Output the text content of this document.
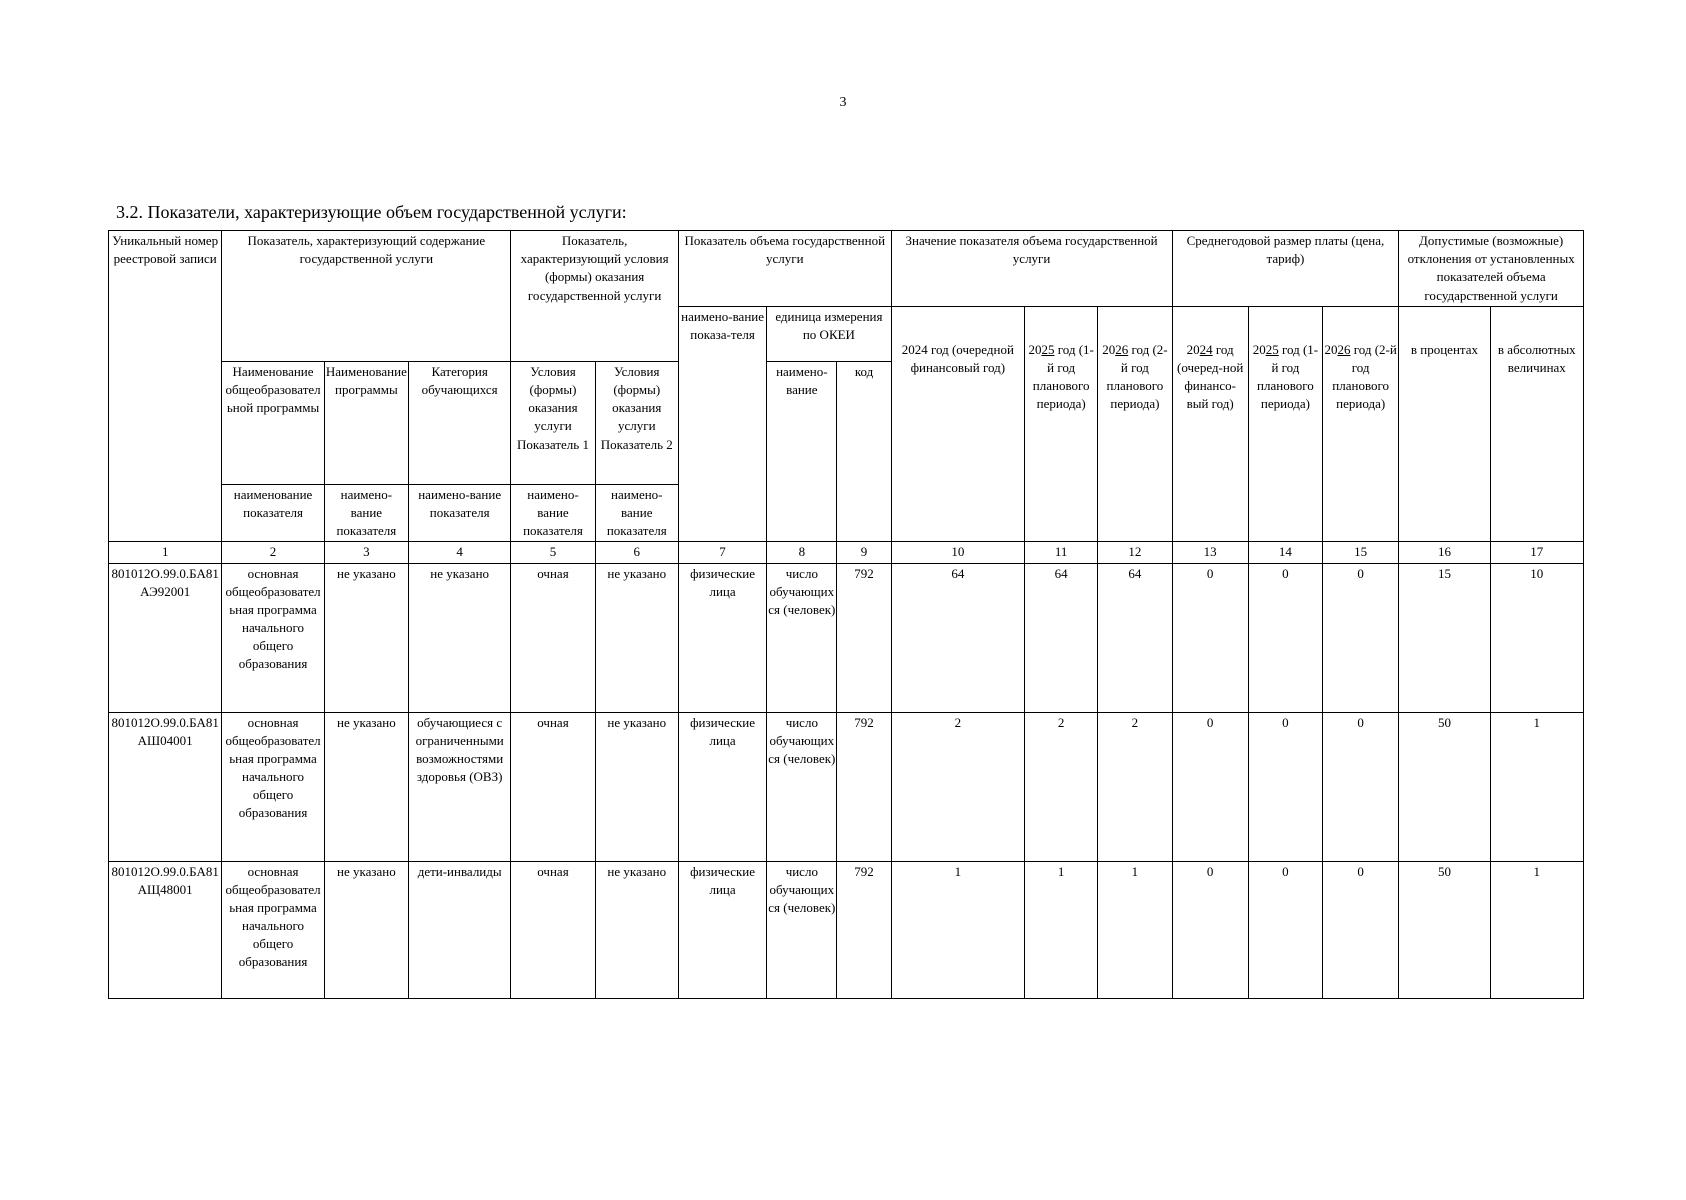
3
3.2. Показатели, характеризующие объем государственной услуги:
Уникальный номер реестровой записи	Показатель, характеризующий содержание государственной услуги			Показатель, характеризующий условия (формы) оказания государственной услуги		Показатель объема государственной услуги			Значение показателя объема государственной услуги			Среднегодовой размер платы (цена, тариф)			Допустимые (возможные) отклонения от установленных показателей объема государственной услуги	
						наимено-вание показа-теля	единица измерения по ОКЕИ		2024 год (очередной финансовый год)	2025 год (1-й год планового периода)	2026 год (2-й год планового периода)	2024 год (очеред-ной финансо-вый год)	2025 год (1-й год планового периода)	2026 год (2-й год планового периода)	в процентах	в абсолютных величинах
	Наименование общеобразовательной программы	Наименование программы	Категория обучающихся	Условия (формы) оказания услуги Показатель 1	Условия (формы) оказания услуги Показатель 2		наимено-вание	код								
	наименование показателя	наимено-вание показателя	наимено-вание показателя	наимено-вание показателя	наимено-вание показателя											
1	2	3	4	5	6	7	8	9	10	11	12	13	14	15	16	17
801012О.99.0.БА81АЭ92001	основная общеобразовательная программа начального общего образования	не указано	не указано	очная	не указано	физические лица	число обучающихся (человек)	792	64	64	64	0	0	0	15	10
801012О.99.0.БА81АШ04001	основная общеобразовательная программа начального общего образования	не указано	обучающиеся с ограниченными возможностями здоровья (ОВЗ)	очная	не указано	физические лица	число обучающихся (человек)	792	2	2	2	0	0	0	50	1
801012О.99.0.БА81АЩ48001	основная общеобразовательная программа начального общего образования	не указано	дети-инвалиды	очная	не указано	физические лица	число обучающихся (человек)	792	1	1	1	0	0	0	50	1
